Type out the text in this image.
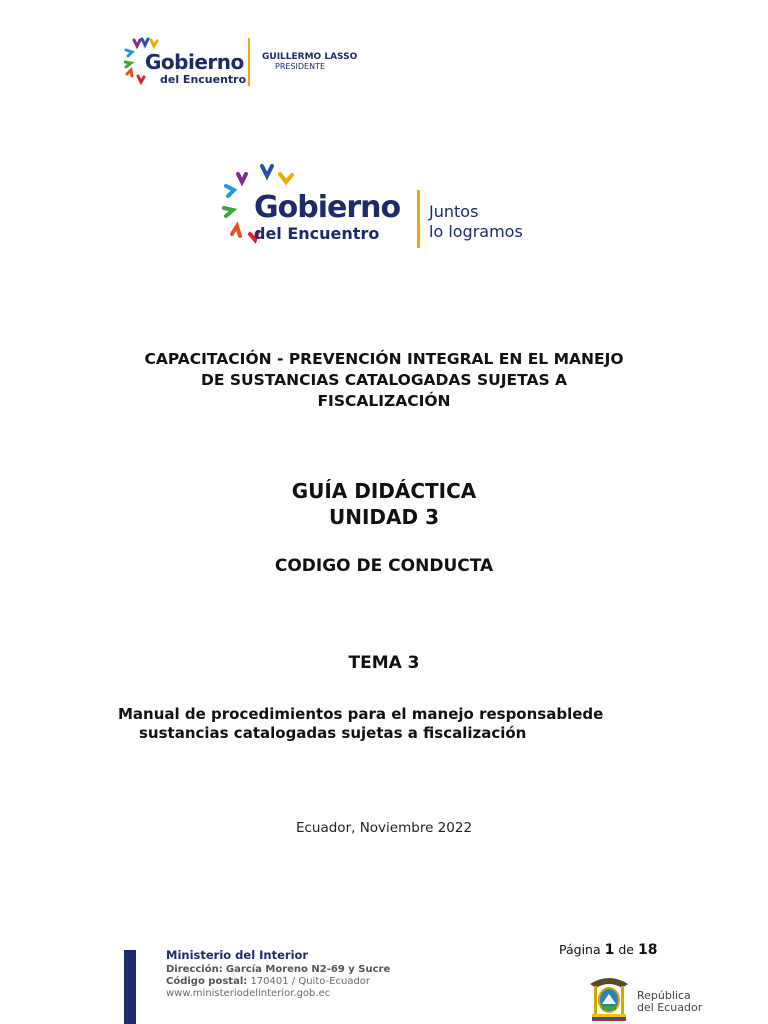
Gobierno
del Encuentro
GUILLERMO LASSO
PRESIDENTE
Gobierno
del Encuentro
Juntos
lo logramos
CAPACITACIÓN - PREVENCIÓN INTEGRAL EN EL MANEJO
DE SUSTANCIAS CATALOGADAS SUJETAS A
FISCALIZACIÓN
GUÍA DIDÁCTICA
UNIDAD 3
CODIGO DE CONDUCTA
TEMA 3
Manual de procedimientos para el manejo responsablede
sustancias catalogadas sujetas a fiscalización
Ecuador, Noviembre 2022
Ministerio del Interior
Dirección: García Moreno N2-69 y Sucre
Código postal: 170401 / Quito-Ecuador
www.ministeriodelinterior.gob.ec
Página 1 de 18
República
del Ecuador
